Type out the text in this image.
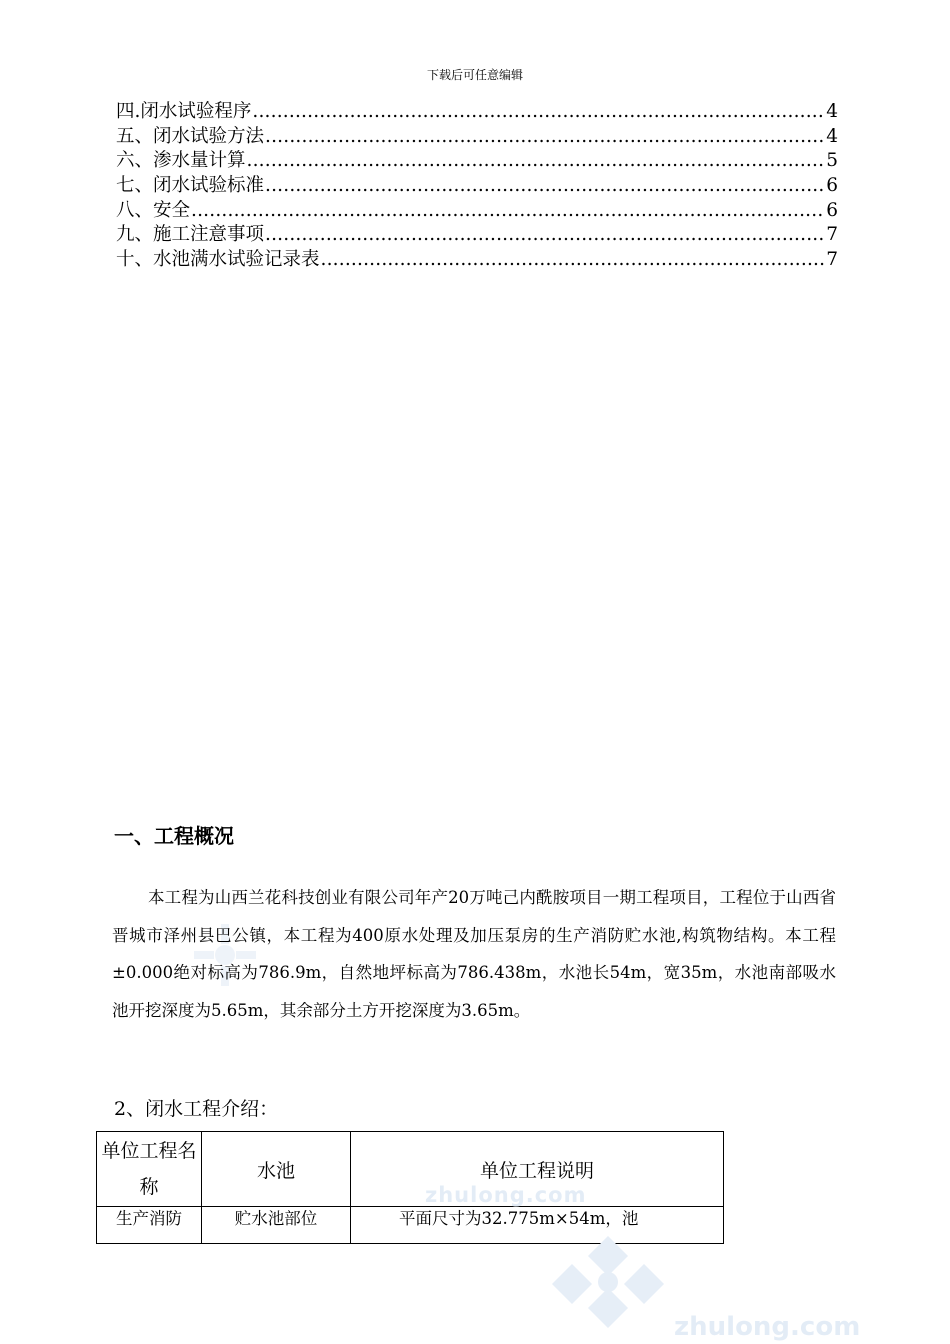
下载后可任意编辑
四.闭水试验程序 .....	4
五、闭水试验方法 .....	4
六、渗水量计算 .....	5
七、闭水试验标准 .....	6
八、安全 .....	6
九、施工注意事项 .....	7
十、水池满水试验记录表 .....	7
一、工程概况
本工程为山西兰花科技创业有限公司年产20万吨己内酰胺项目一期工程项目，工程位于山西省晋城市泽州县巴公镇，本工程为400原水处理及加压泵房的生产消防贮水池,构筑物结构。本工程±0.000绝对标高为786.9m，自然地坪标高为786.438m，水池长54m，宽35m，水池南部吸水池开挖深度为5.65m，其余部分土方开挖深度为3.65m。
2、闭水工程介绍：
单位工程名称	水池	单位工程说明
生产消防	贮水池部位	平面尺寸为32.775m×54m，池
zhulong.com
zhulong.com
